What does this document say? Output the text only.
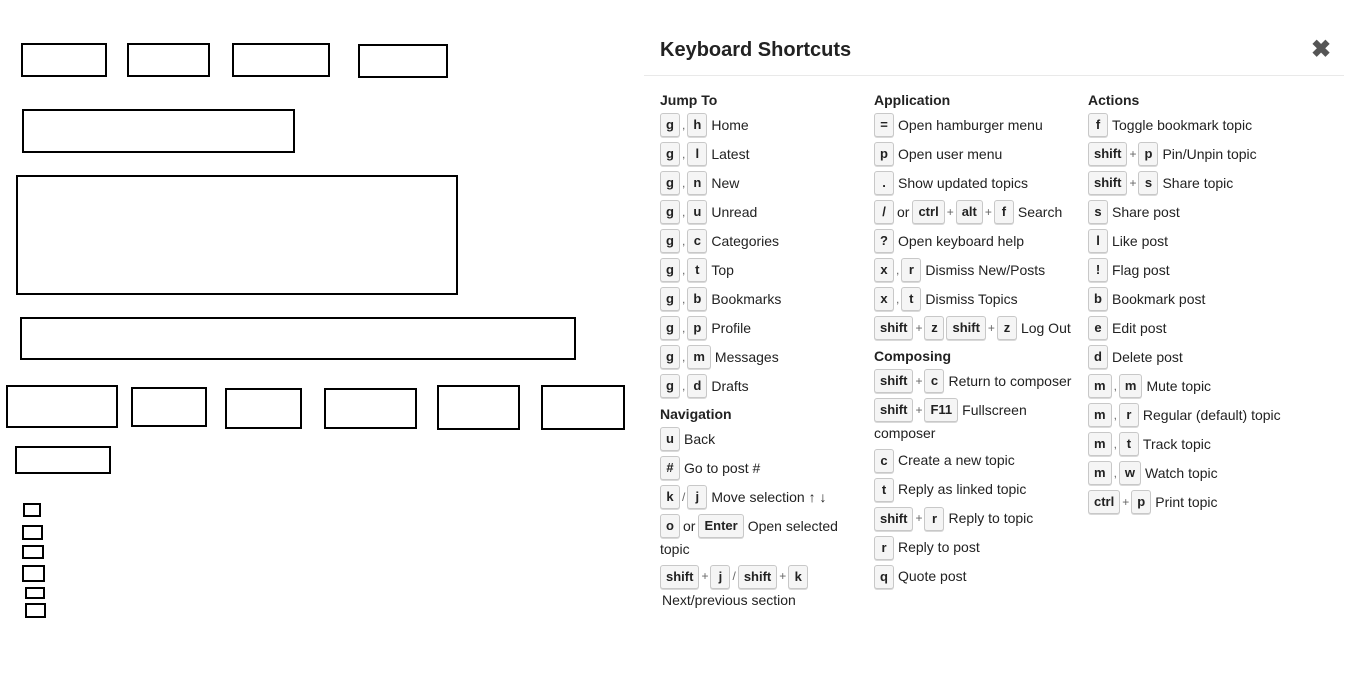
Keyboard Shortcuts	✖
Jump To
g , h Home
g , l Latest
g , n New
g , u Unread
g , c Categories
g , t Top
g , b Bookmarks
g , p Profile
g , m Messages
g , d Drafts
Navigation
u Back
# Go to post #
k / j Move selection ↑ ↓
o or Enter Open selected topic
shift + j / shift + kNext/previous section
Application
= Open hamburger menu
p Open user menu
. Show updated topics
/ or ctrl + alt + f Search
? Open keyboard help
x , r Dismiss New/Posts
x , t Dismiss Topics
shift + z shift + z Log Out
Composing
shift + c Return to composer
shift + F11 Fullscreen composer
c Create a new topic
t Reply as linked topic
shift + r Reply to topic
r Reply to post
q Quote post
Actions
f Toggle bookmark topic
shift + p Pin/Unpin topic
shift + s Share topic
s Share post
l Like post
! Flag post
b Bookmark post
e Edit post
d Delete post
m , m Mute topic
m , r Regular (default) topic
m , t Track topic
m , w Watch topic
ctrl + p Print topic
